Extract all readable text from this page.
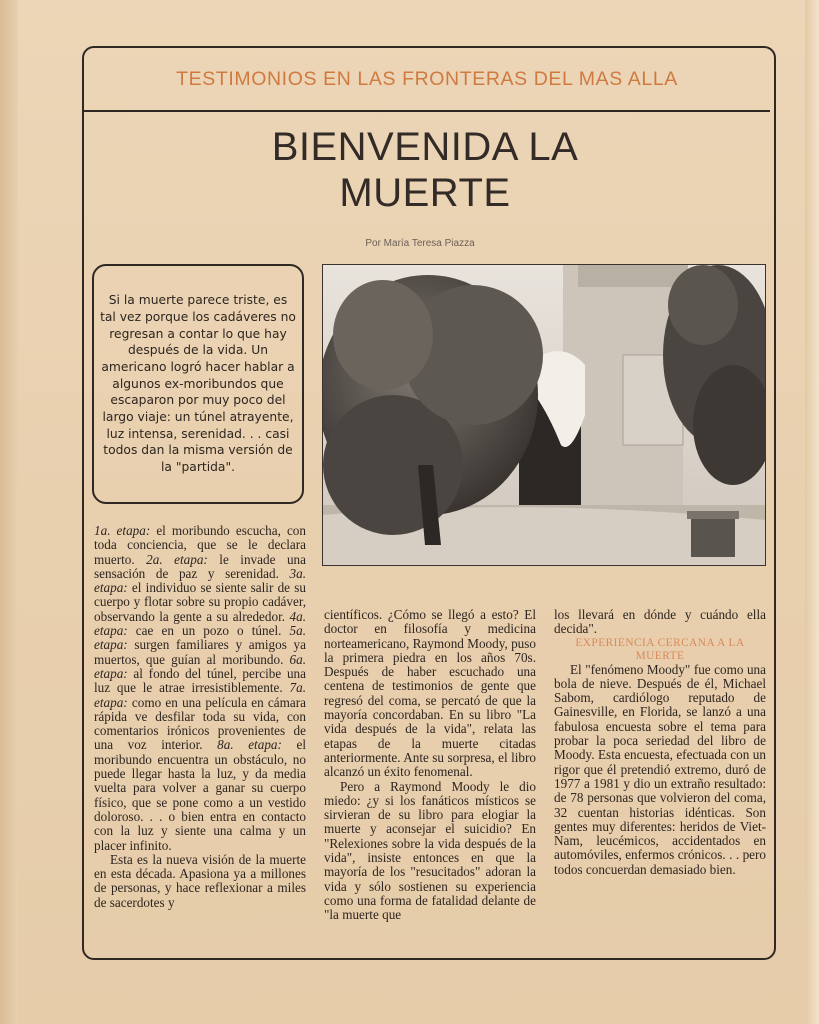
TESTIMONIOS EN LAS FRONTERAS DEL MAS ALLA
BIENVENIDA LA
MUERTE
Por María Teresa Piazza

Si la muerte parece triste, es tal vez porque los cadáveres no regresan a contar lo que hay después de la vida. Un americano logró hacer hablar a algunos ex-moribundos que escaparon por muy poco del largo viaje: un túnel atrayente, luz intensa, serenidad. . . casi todos dan la misma versión de la "partida".

1a. etapa: el moribundo escucha, con toda conciencia, que se le declara muerto. 2a. etapa: le invade una sensación de paz y serenidad. 3a. etapa: el individuo se siente salir de su cuerpo y flotar sobre su propio cadáver, observando la gente a su alrededor. 4a. etapa: cae en un pozo o túnel. 5a. etapa: surgen familiares y amigos ya muertos, que guían al moribundo. 6a. etapa: al fondo del túnel, percibe una luz que le atrae irresistiblemente. 7a. etapa: como en una película en cámara rápida ve desfilar toda su vida, con comentarios irónicos provenientes de una voz interior. 8a. etapa: el moribundo encuentra un obstáculo, no puede llegar hasta la luz, y da media vuelta para volver a ganar su cuerpo físico, que se pone como a un vestido doloroso. . . o bien entra en contacto con la luz y siente una calma y un placer infinito.

Esta es la nueva visión de la muerte en esta década. Apasiona ya a millones de personas, y hace reflexionar a miles de sacerdotes y

científicos. ¿Cómo se llegó a esto? El doctor en filosofía y medicina norteamericano, Raymond Moody, puso la primera piedra en los años 70s. Después de haber escuchado una centena de testimonios de gente que regresó del coma, se percató de que la mayoría concordaban. En su libro "La vida después de la vida", relata las etapas de la muerte citadas anteriormente. Ante su sorpresa, el libro alcanzó un éxito fenomenal.

Pero a Raymond Moody le dio miedo: ¿y si los fanáticos místicos se sirvieran de su libro para elogiar la muerte y aconsejar el suicidio? En "Relexiones sobre la vida después de la vida", insiste entonces en que la mayoría de los "resucitados" adoran la vida y sólo sostienen su experiencia como una forma de fatalidad delante de "la muerte que

los llevará en dónde y cuándo ella decida".

EXPERIENCIA CERCANA A LA MUERTE

El "fenómeno Moody" fue como una bola de nieve. Después de él, Michael Sabom, cardiólogo reputado de Gainesville, en Florida, se lanzó a una fabulosa encuesta sobre el tema para probar la poca seriedad del libro de Moody. Esta encuesta, efectuada con un rigor que él pretendió extremo, duró de 1977 a 1981 y dio un extraño resultado: de 78 personas que volvieron del coma, 32 cuentan historias idénticas. Son gentes muy diferentes: heridos de Viet-Nam, leucémicos, accidentados en automóviles, enfermos crónicos. . . pero todos concuerdan demasiado bien.
